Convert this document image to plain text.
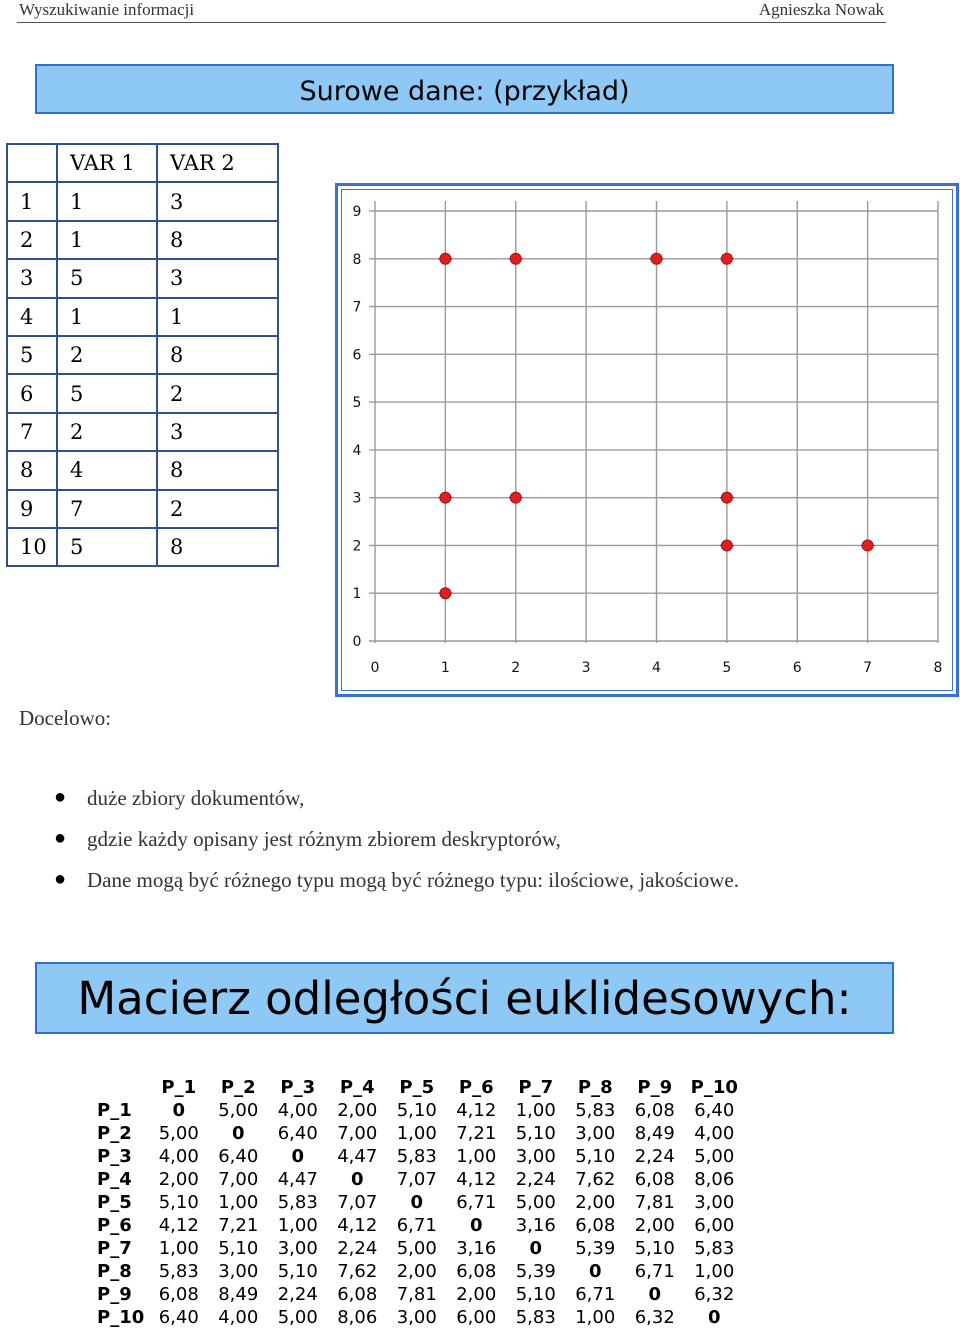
Wyszukiwanie informacji	Agnieszka Nowak
Surowe dane: (przykład)
	VAR 1	VAR 2
1	1	3
2	1	8
3	5	3
4	1	1
5	2	8
6	5	2
7	2	3
8	4	8
9	7	2
10	5	8
0	1	2	3	4	5	6	7	8
0
1
2
3
4
5
6
7
8
9
Docelowo:
● duże zbiory dokumentów,
● gdzie każdy opisany jest różnym zbiorem deskryptorów,
● Dane mogą być różnego typu mogą być różnego typu: ilościowe, jakościowe.
Macierz odległości euklidesowych:
	P_1	P_2	P_3	P_4	P_5	P_6	P_7	P_8	P_9	P_10
P_1	0	5,00	4,00	2,00	5,10	4,12	1,00	5,83	6,08	6,40
P_2	5,00	0	6,40	7,00	1,00	7,21	5,10	3,00	8,49	4,00
P_3	4,00	6,40	0	4,47	5,83	1,00	3,00	5,10	2,24	5,00
P_4	2,00	7,00	4,47	0	7,07	4,12	2,24	7,62	6,08	8,06
P_5	5,10	1,00	5,83	7,07	0	6,71	5,00	2,00	7,81	3,00
P_6	4,12	7,21	1,00	4,12	6,71	0	3,16	6,08	2,00	6,00
P_7	1,00	5,10	3,00	2,24	5,00	3,16	0	5,39	5,10	5,83
P_8	5,83	3,00	5,10	7,62	2,00	6,08	5,39	0	6,71	1,00
P_9	6,08	8,49	2,24	6,08	7,81	2,00	5,10	6,71	0	6,32
P_10	6,40	4,00	5,00	8,06	3,00	6,00	5,83	1,00	6,32	0
